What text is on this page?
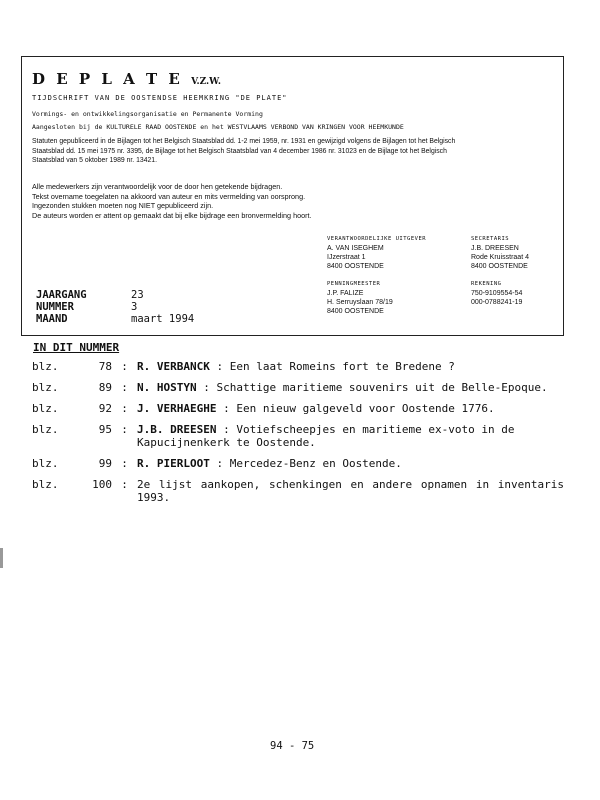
D E P L A T E V.Z.W.
TIJDSCHRIFT VAN DE OOSTENDSE HEEMKRING "DE PLATE"
Vormings- en ontwikkelingsorganisatie en Permanente Vorming
Aangesloten bij de KULTURELE RAAD OOSTENDE en het WESTVLAAMS VERBOND VAN KRINGEN VOOR HEEMKUNDE
Statuten gepubliceerd in de Bijlagen tot het Belgisch Staatsblad dd. 1-2 mei 1959, nr. 1931 en gewijzigd volgens de Bijlagen tot het Belgisch
Staatsblad dd. 15 mei 1975 nr. 3395, de Bijlage tot het Belgisch Staatsblad van 4 december 1986 nr. 31023 en de Bijlage tot het Belgisch
Staatsblad van 5 oktober 1989 nr. 13421.
Alle medewerkers zijn verantwoordelijk voor de door hen getekende bijdragen.
Tekst overname toegelaten na akkoord van auteur en mits vermelding van oorsprong.
Ingezonden stukken moeten nog NIET gepubliceerd zijn.
De auteurs worden er attent op gemaakt dat bij elke bijdrage een bronvermelding hoort.
VERANTWOORDELIJKE UITGEVER
A. VAN ISEGHEM
IJzerstraat 1
8400 OOSTENDE
SECRETARIS
J.B. DREESEN
Rode Kruisstraat 4
8400 OOSTENDE
PENNINGMEESTER
J.P. FALIZE
H. Serruyslaan 78/19
8400 OOSTENDE
REKENING
750-9109554-54
000-0788241-19
JAARGANG	23
NUMMER	3
MAAND	maart 1994
IN DIT NUMMER
blz.	78 : R. VERBANCK : Een laat Romeins fort te Bredene ?
blz.	89 : N. HOSTYN : Schattige maritieme souvenirs uit de Belle-Epoque.
blz.	92 : J. VERHAEGHE : Een nieuw galgeveld voor Oostende 1776.
blz.	95 : J.B. DREESEN : Votiefscheepjes en maritieme ex-voto in de Kapucijnenkerk te Oostende.
blz.	99 : R. PIERLOOT : Mercedez-Benz en Oostende.
blz.	100 : 2e lijst aankopen, schenkingen en andere opnamen in inventaris 1993.
94 - 75
